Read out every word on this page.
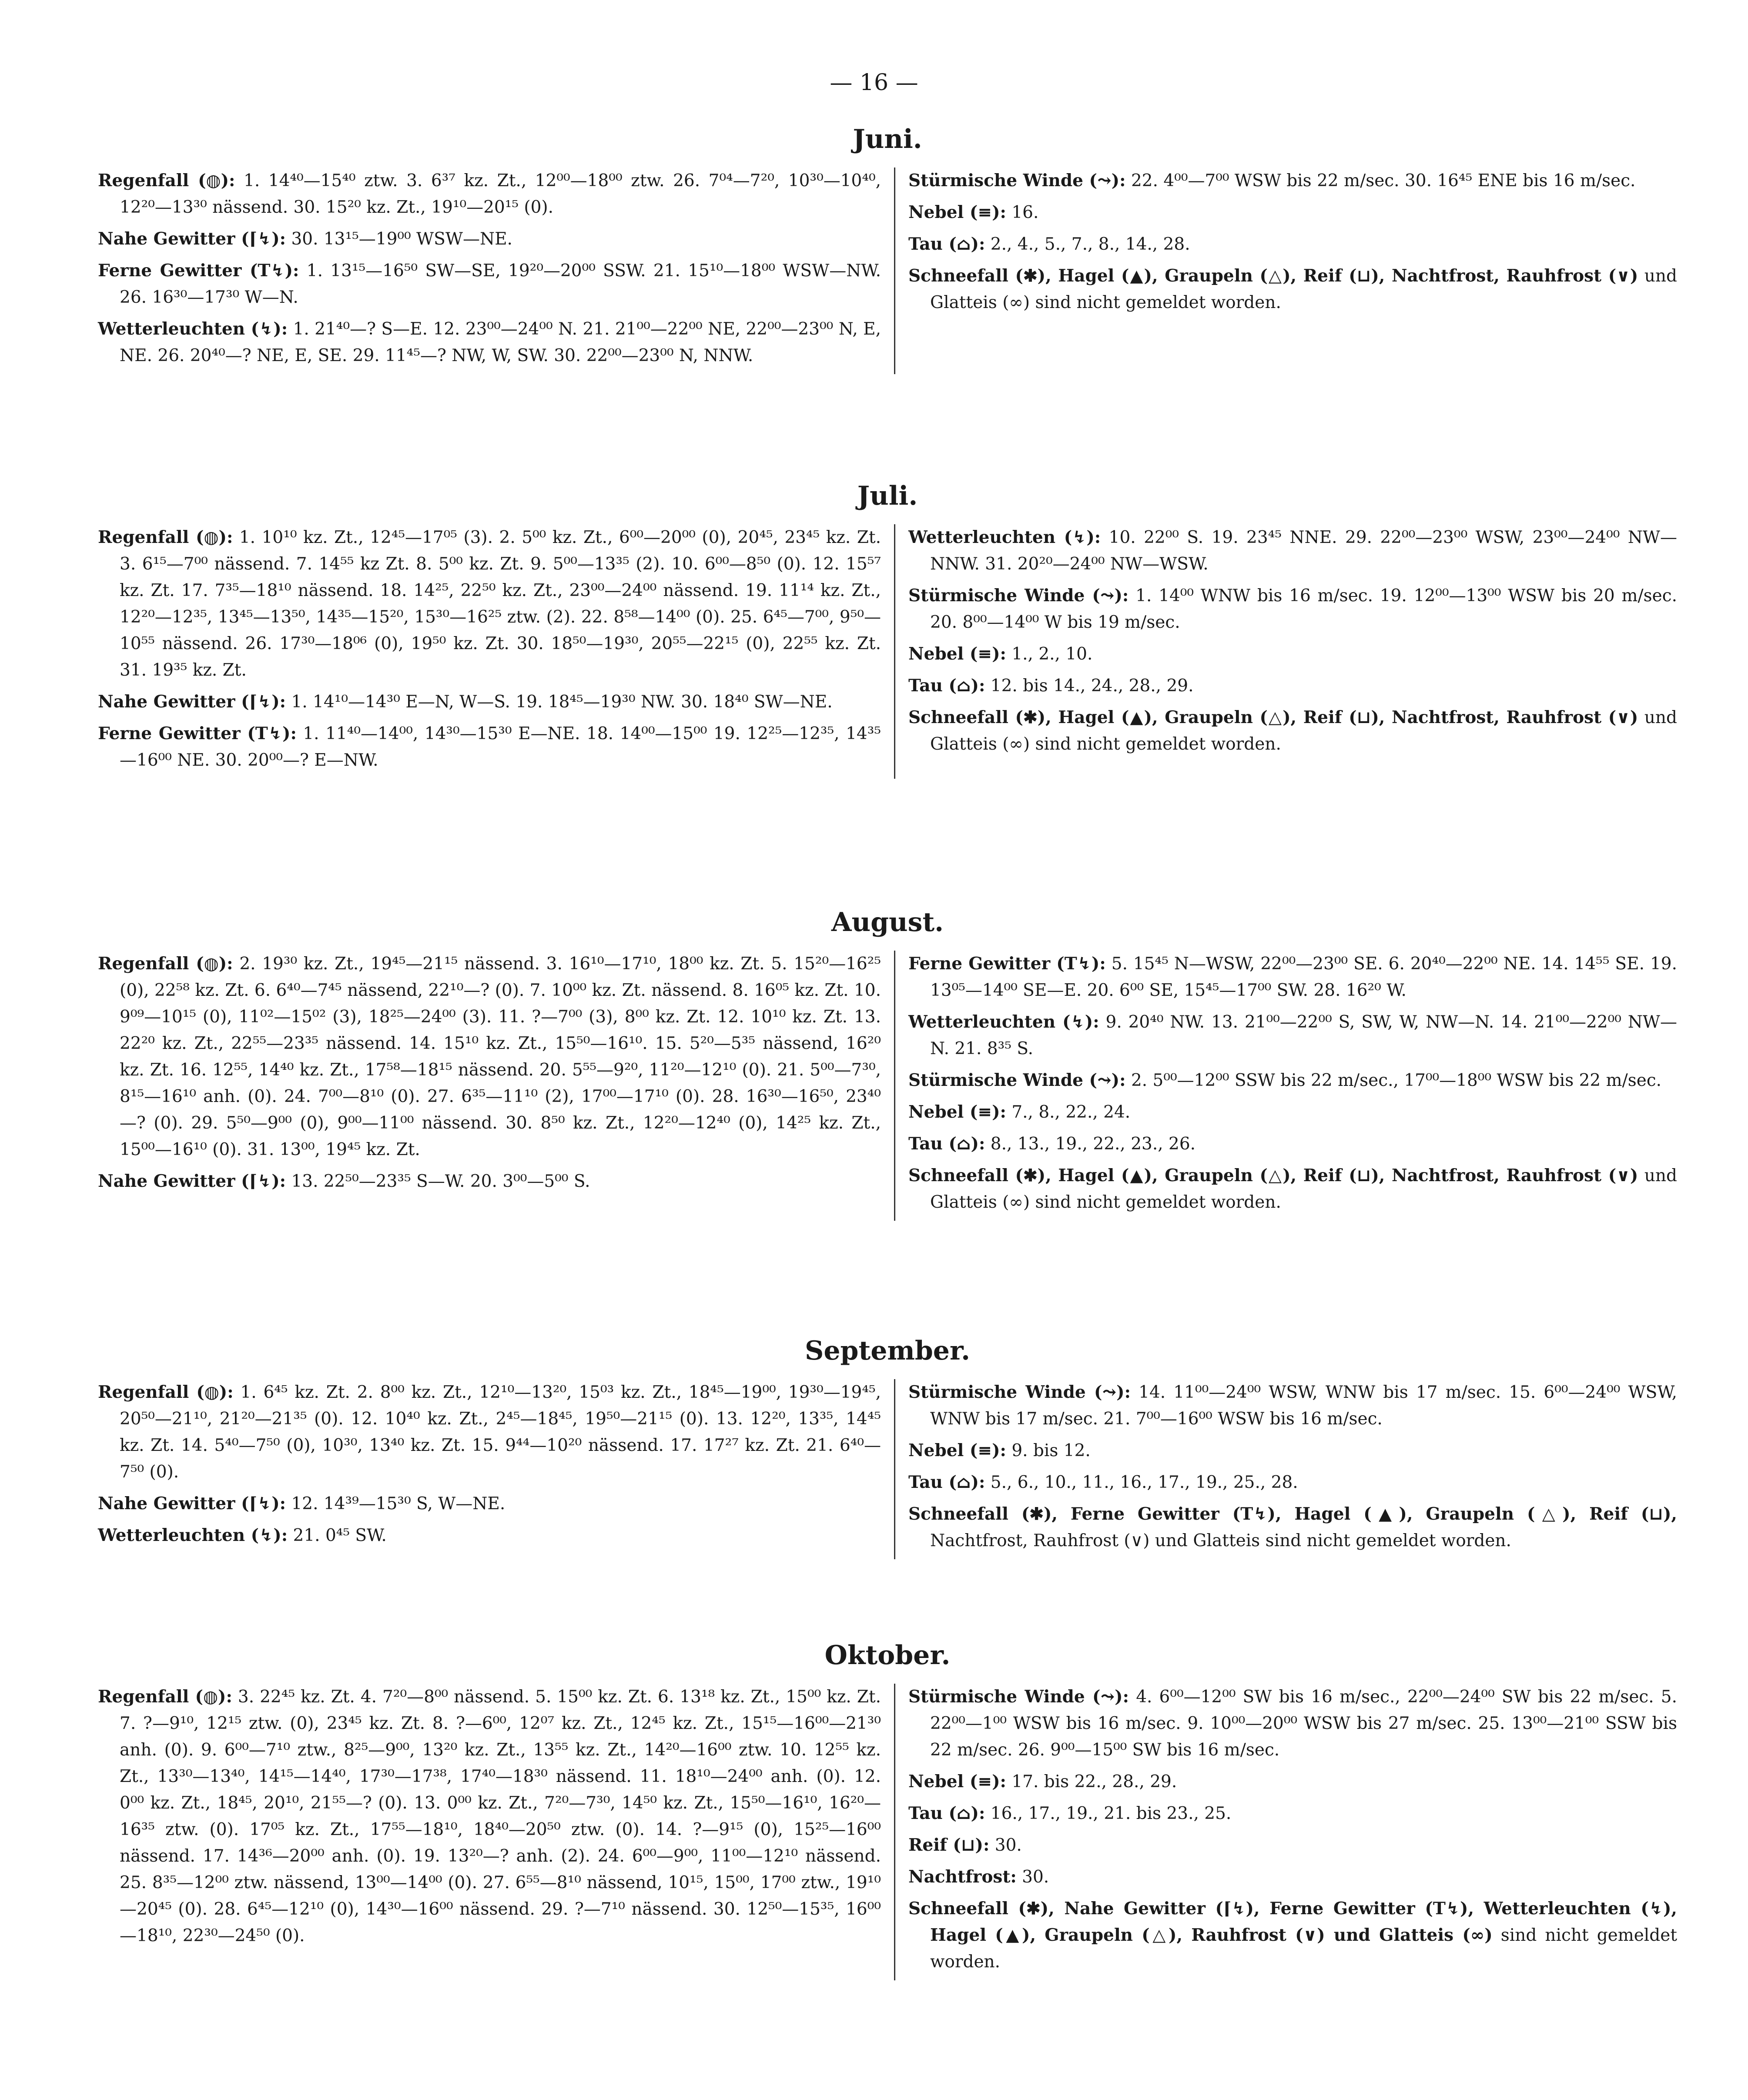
— 16 —
Juni.

Regenfall (◍): 1. 14⁴⁰—15⁴⁰ ztw. 3. 6³⁷ kz. Zt., 12⁰⁰—18⁰⁰ ztw. 26. 7⁰⁴—7²⁰, 10³⁰—10⁴⁰, 12²⁰—13³⁰ nässend. 30. 15²⁰ kz. Zt., 19¹⁰—20¹⁵ (0).

Nahe Gewitter (⌈↯): 30. 13¹⁵—19⁰⁰ WSW—NE.

Ferne Gewitter (T↯): 1. 13¹⁵—16⁵⁰ SW—SE, 19²⁰—20⁰⁰ SSW. 21. 15¹⁰—18⁰⁰ WSW—NW. 26. 16³⁰—17³⁰ W—N.

Wetterleuchten (↯): 1. 21⁴⁰—? S—E. 12. 23⁰⁰—24⁰⁰ N. 21. 21⁰⁰—22⁰⁰ NE, 22⁰⁰—23⁰⁰ N, E, NE. 26. 20⁴⁰—? NE, E, SE. 29. 11⁴⁵—? NW, W, SW. 30. 22⁰⁰—23⁰⁰ N, NNW.

Stürmische Winde (⤳): 22. 4⁰⁰—7⁰⁰ WSW bis 22 m/sec. 30. 16⁴⁵ ENE bis 16 m/sec.

Nebel (≡): 16.

Tau (⌂): 2., 4., 5., 7., 8., 14., 28.

Schneefall (✱), Hagel (▲), Graupeln (△), Reif (⊔), Nachtfrost, Rauhfrost (∨) und Glatteis (∞) sind nicht gemeldet worden.

Juli.

Regenfall (◍): 1. 10¹⁰ kz. Zt., 12⁴⁵—17⁰⁵ (3). 2. 5⁰⁰ kz. Zt., 6⁰⁰—20⁰⁰ (0), 20⁴⁵, 23⁴⁵ kz. Zt. 3. 6¹⁵—7⁰⁰ nässend. 7. 14⁵⁵ kz Zt. 8. 5⁰⁰ kz. Zt. 9. 5⁰⁰—13³⁵ (2). 10. 6⁰⁰—8⁵⁰ (0). 12. 15⁵⁷ kz. Zt. 17. 7³⁵—18¹⁰ nässend. 18. 14²⁵, 22⁵⁰ kz. Zt., 23⁰⁰—24⁰⁰ nässend. 19. 11¹⁴ kz. Zt., 12²⁰—12³⁵, 13⁴⁵—13⁵⁰, 14³⁵—15²⁰, 15³⁰—16²⁵ ztw. (2). 22. 8⁵⁸—14⁰⁰ (0). 25. 6⁴⁵—7⁰⁰, 9⁵⁰—10⁵⁵ nässend. 26. 17³⁰—18⁰⁶ (0), 19⁵⁰ kz. Zt. 30. 18⁵⁰—19³⁰, 20⁵⁵—22¹⁵ (0), 22⁵⁵ kz. Zt. 31. 19³⁵ kz. Zt.

Nahe Gewitter (⌈↯): 1. 14¹⁰—14³⁰ E—N, W—S. 19. 18⁴⁵—19³⁰ NW. 30. 18⁴⁰ SW—NE.

Ferne Gewitter (T↯): 1. 11⁴⁰—14⁰⁰, 14³⁰—15³⁰ E—NE. 18. 14⁰⁰—15⁰⁰ 19. 12²⁵—12³⁵, 14³⁵—16⁰⁰ NE. 30. 20⁰⁰—? E—NW.

Wetterleuchten (↯): 10. 22⁰⁰ S. 19. 23⁴⁵ NNE. 29. 22⁰⁰—23⁰⁰ WSW, 23⁰⁰—24⁰⁰ NW—NNW. 31. 20²⁰—24⁰⁰ NW—WSW.

Stürmische Winde (⤳): 1. 14⁰⁰ WNW bis 16 m/sec. 19. 12⁰⁰—13⁰⁰ WSW bis 20 m/sec. 20. 8⁰⁰—14⁰⁰ W bis 19 m/sec.

Nebel (≡): 1., 2., 10.

Tau (⌂): 12. bis 14., 24., 28., 29.

Schneefall (✱), Hagel (▲), Graupeln (△), Reif (⊔), Nachtfrost, Rauhfrost (∨) und Glatteis (∞) sind nicht gemeldet worden.

August.

Regenfall (◍): 2. 19³⁰ kz. Zt., 19⁴⁵—21¹⁵ nässend. 3. 16¹⁰—17¹⁰, 18⁰⁰ kz. Zt. 5. 15²⁰—16²⁵ (0), 22⁵⁸ kz. Zt. 6. 6⁴⁰—7⁴⁵ nässend, 22¹⁰—? (0). 7. 10⁰⁰ kz. Zt. nässend. 8. 16⁰⁵ kz. Zt. 10. 9⁰⁹—10¹⁵ (0), 11⁰²—15⁰² (3), 18²⁵—24⁰⁰ (3). 11. ?—7⁰⁰ (3), 8⁰⁰ kz. Zt. 12. 10¹⁰ kz. Zt. 13. 22²⁰ kz. Zt., 22⁵⁵—23³⁵ nässend. 14. 15¹⁰ kz. Zt., 15⁵⁰—16¹⁰. 15. 5²⁰—5³⁵ nässend, 16²⁰ kz. Zt. 16. 12⁵⁵, 14⁴⁰ kz. Zt., 17⁵⁸—18¹⁵ nässend. 20. 5⁵⁵—9²⁰, 11²⁰—12¹⁰ (0). 21. 5⁰⁰—7³⁰, 8¹⁵—16¹⁰ anh. (0). 24. 7⁰⁰—8¹⁰ (0). 27. 6³⁵—11¹⁰ (2), 17⁰⁰—17¹⁰ (0). 28. 16³⁰—16⁵⁰, 23⁴⁰—? (0). 29. 5⁵⁰—9⁰⁰ (0), 9⁰⁰—11⁰⁰ nässend. 30. 8⁵⁰ kz. Zt., 12²⁰—12⁴⁰ (0), 14²⁵ kz. Zt., 15⁰⁰—16¹⁰ (0). 31. 13⁰⁰, 19⁴⁵ kz. Zt.

Nahe Gewitter (⌈↯): 13. 22⁵⁰—23³⁵ S—W. 20. 3⁰⁰—5⁰⁰ S.

Ferne Gewitter (T↯): 5. 15⁴⁵ N—WSW, 22⁰⁰—23⁰⁰ SE. 6. 20⁴⁰—22⁰⁰ NE. 14. 14⁵⁵ SE. 19. 13⁰⁵—14⁰⁰ SE—E. 20. 6⁰⁰ SE, 15⁴⁵—17⁰⁰ SW. 28. 16²⁰ W.

Wetterleuchten (↯): 9. 20⁴⁰ NW. 13. 21⁰⁰—22⁰⁰ S, SW, W, NW—N. 14. 21⁰⁰—22⁰⁰ NW—N. 21. 8³⁵ S.

Stürmische Winde (⤳): 2. 5⁰⁰—12⁰⁰ SSW bis 22 m/sec., 17⁰⁰—18⁰⁰ WSW bis 22 m/sec.

Nebel (≡): 7., 8., 22., 24.

Tau (⌂): 8., 13., 19., 22., 23., 26.

Schneefall (✱), Hagel (▲), Graupeln (△), Reif (⊔), Nachtfrost, Rauhfrost (∨) und Glatteis (∞) sind nicht gemeldet worden.

September.

Regenfall (◍): 1. 6⁴⁵ kz. Zt. 2. 8⁰⁰ kz. Zt., 12¹⁰—13²⁰, 15⁰³ kz. Zt., 18⁴⁵—19⁰⁰, 19³⁰—19⁴⁵, 20⁵⁰—21¹⁰, 21²⁰—21³⁵ (0). 12. 10⁴⁰ kz. Zt., 2⁴⁵—18⁴⁵, 19⁵⁰—21¹⁵ (0). 13. 12²⁰, 13³⁵, 14⁴⁵ kz. Zt. 14. 5⁴⁰—7⁵⁰ (0), 10³⁰, 13⁴⁰ kz. Zt. 15. 9⁴⁴—10²⁰ nässend. 17. 17²⁷ kz. Zt. 21. 6⁴⁰—7⁵⁰ (0).

Nahe Gewitter (⌈↯): 12. 14³⁹—15³⁰ S, W—NE.

Wetterleuchten (↯): 21. 0⁴⁵ SW.

Stürmische Winde (⤳): 14. 11⁰⁰—24⁰⁰ WSW, WNW bis 17 m/sec. 15. 6⁰⁰—24⁰⁰ WSW, WNW bis 17 m/sec. 21. 7⁰⁰—16⁰⁰ WSW bis 16 m/sec.

Nebel (≡): 9. bis 12.

Tau (⌂): 5., 6., 10., 11., 16., 17., 19., 25., 28.

Schneefall (✱), Ferne Gewitter (T↯), Hagel (▲), Graupeln (△), Reif (⊔), Nachtfrost, Rauhfrost (∨) und Glatteis sind nicht gemeldet worden.

Oktober.

Regenfall (◍): 3. 22⁴⁵ kz. Zt. 4. 7²⁰—8⁰⁰ nässend. 5. 15⁰⁰ kz. Zt. 6. 13¹⁸ kz. Zt., 15⁰⁰ kz. Zt. 7. ?—9¹⁰, 12¹⁵ ztw. (0), 23⁴⁵ kz. Zt. 8. ?—6⁰⁰, 12⁰⁷ kz. Zt., 12⁴⁵ kz. Zt., 15¹⁵—16⁰⁰—21³⁰ anh. (0). 9. 6⁰⁰—7¹⁰ ztw., 8²⁵—9⁰⁰, 13²⁰ kz. Zt., 13⁵⁵ kz. Zt., 14²⁰—16⁰⁰ ztw. 10. 12⁵⁵ kz. Zt., 13³⁰—13⁴⁰, 14¹⁵—14⁴⁰, 17³⁰—17³⁸, 17⁴⁰—18³⁰ nässend. 11. 18¹⁰—24⁰⁰ anh. (0). 12. 0⁰⁰ kz. Zt., 18⁴⁵, 20¹⁰, 21⁵⁵—? (0). 13. 0⁰⁰ kz. Zt., 7²⁰—7³⁰, 14⁵⁰ kz. Zt., 15⁵⁰—16¹⁰, 16²⁰—16³⁵ ztw. (0). 17⁰⁵ kz. Zt., 17⁵⁵—18¹⁰, 18⁴⁰—20⁵⁰ ztw. (0). 14. ?—9¹⁵ (0), 15²⁵—16⁰⁰ nässend. 17. 14³⁶—20⁰⁰ anh. (0). 19. 13²⁰—? anh. (2). 24. 6⁰⁰—9⁰⁰, 11⁰⁰—12¹⁰ nässend. 25. 8³⁵—12⁰⁰ ztw. nässend, 13⁰⁰—14⁰⁰ (0). 27. 6⁵⁵—8¹⁰ nässend, 10¹⁵, 15⁰⁰, 17⁰⁰ ztw., 19¹⁰—20⁴⁵ (0). 28. 6⁴⁵—12¹⁰ (0), 14³⁰—16⁰⁰ nässend. 29. ?—7¹⁰ nässend. 30. 12⁵⁰—15³⁵, 16⁰⁰—18¹⁰, 22³⁰—24⁵⁰ (0).

Stürmische Winde (⤳): 4. 6⁰⁰—12⁰⁰ SW bis 16 m/sec., 22⁰⁰—24⁰⁰ SW bis 22 m/sec. 5. 22⁰⁰—1⁰⁰ WSW bis 16 m/sec. 9. 10⁰⁰—20⁰⁰ WSW bis 27 m/sec. 25. 13⁰⁰—21⁰⁰ SSW bis 22 m/sec. 26. 9⁰⁰—15⁰⁰ SW bis 16 m/sec.

Nebel (≡): 17. bis 22., 28., 29.

Tau (⌂): 16., 17., 19., 21. bis 23., 25.

Reif (⊔): 30.

Nachtfrost: 30.

Schneefall (✱), Nahe Gewitter (⌈↯), Ferne Gewitter (T↯), Wetterleuchten (↯), Hagel (▲), Graupeln (△), Rauhfrost (∨) und Glatteis (∞) sind nicht gemeldet worden.
